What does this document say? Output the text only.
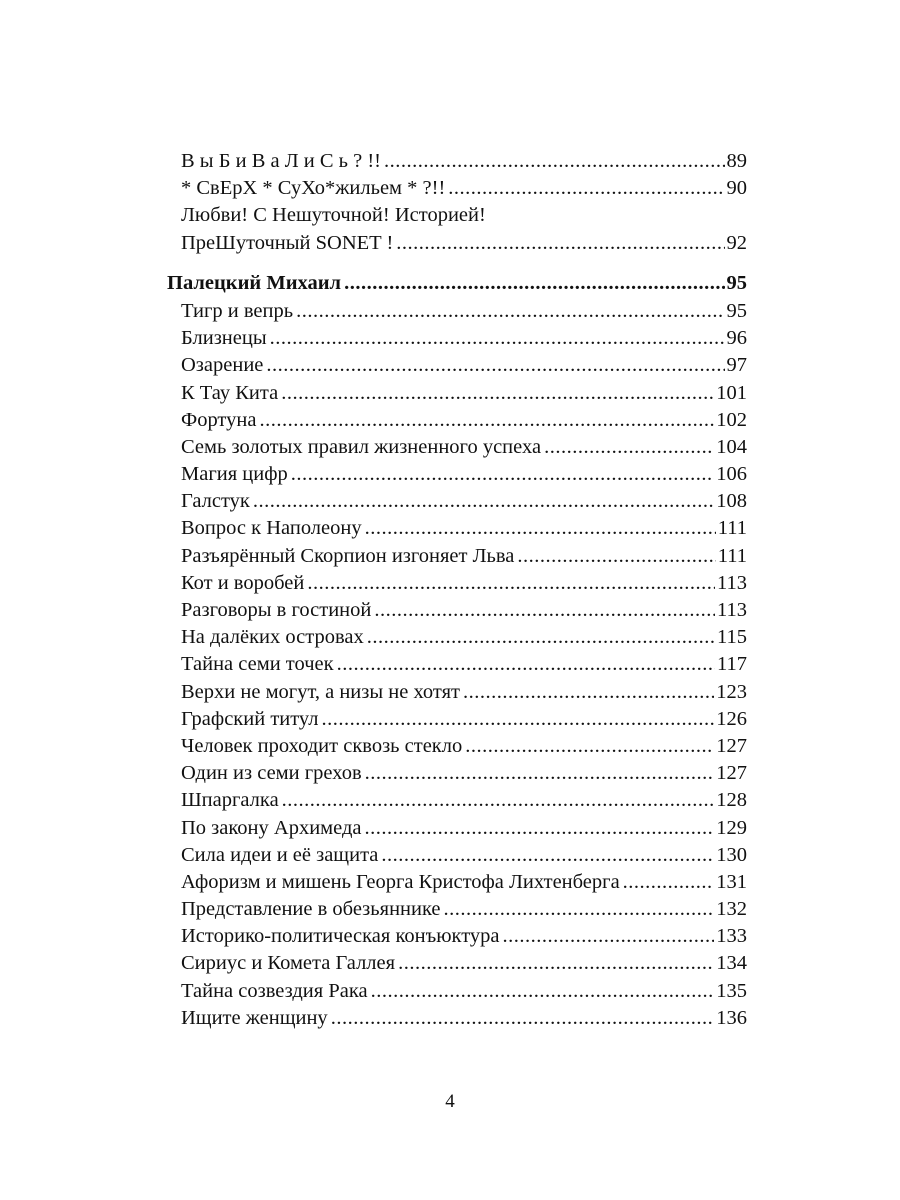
В ы Б и В а Л и С ь ? !! .....	89
* СвЕрХ * СуХо*жильем * ?!! .....	90
Любви! С Нешуточной! Историей!
ПреШуточный SONET ! .....	92
Палецкий Михаил .....	95
Тигр и вепрь .....	95
Близнецы .....	96
Озарение .....	97
К Тау Кита .....	101
Фортуна .....	102
Семь золотых правил жизненного успеха .....	104
Магия цифр .....	106
Галстук .....	108
Вопрос к Наполеону .....	111
Разъярённый Скорпион изгоняет Льва .....	111
Кот и воробей .....	113
Разговоры в гостиной .....	113
На далёких островах .....	115
Тайна семи точек .....	117
Верхи не могут, а низы не хотят .....	123
Графский титул .....	126
Человек проходит сквозь стекло .....	127
Один из семи грехов .....	127
Шпаргалка .....	128
По закону Архимеда .....	129
Сила идеи и её защита .....	130
Афоризм и мишень Георга Кристофа Лихтенберга .....	131
Представление в обезьяннике .....	132
Историко-политическая конъюктура .....	133
Сириус и Комета Галлея .....	134
Тайна созвездия Рака .....	135
Ищите женщину .....	136
4
